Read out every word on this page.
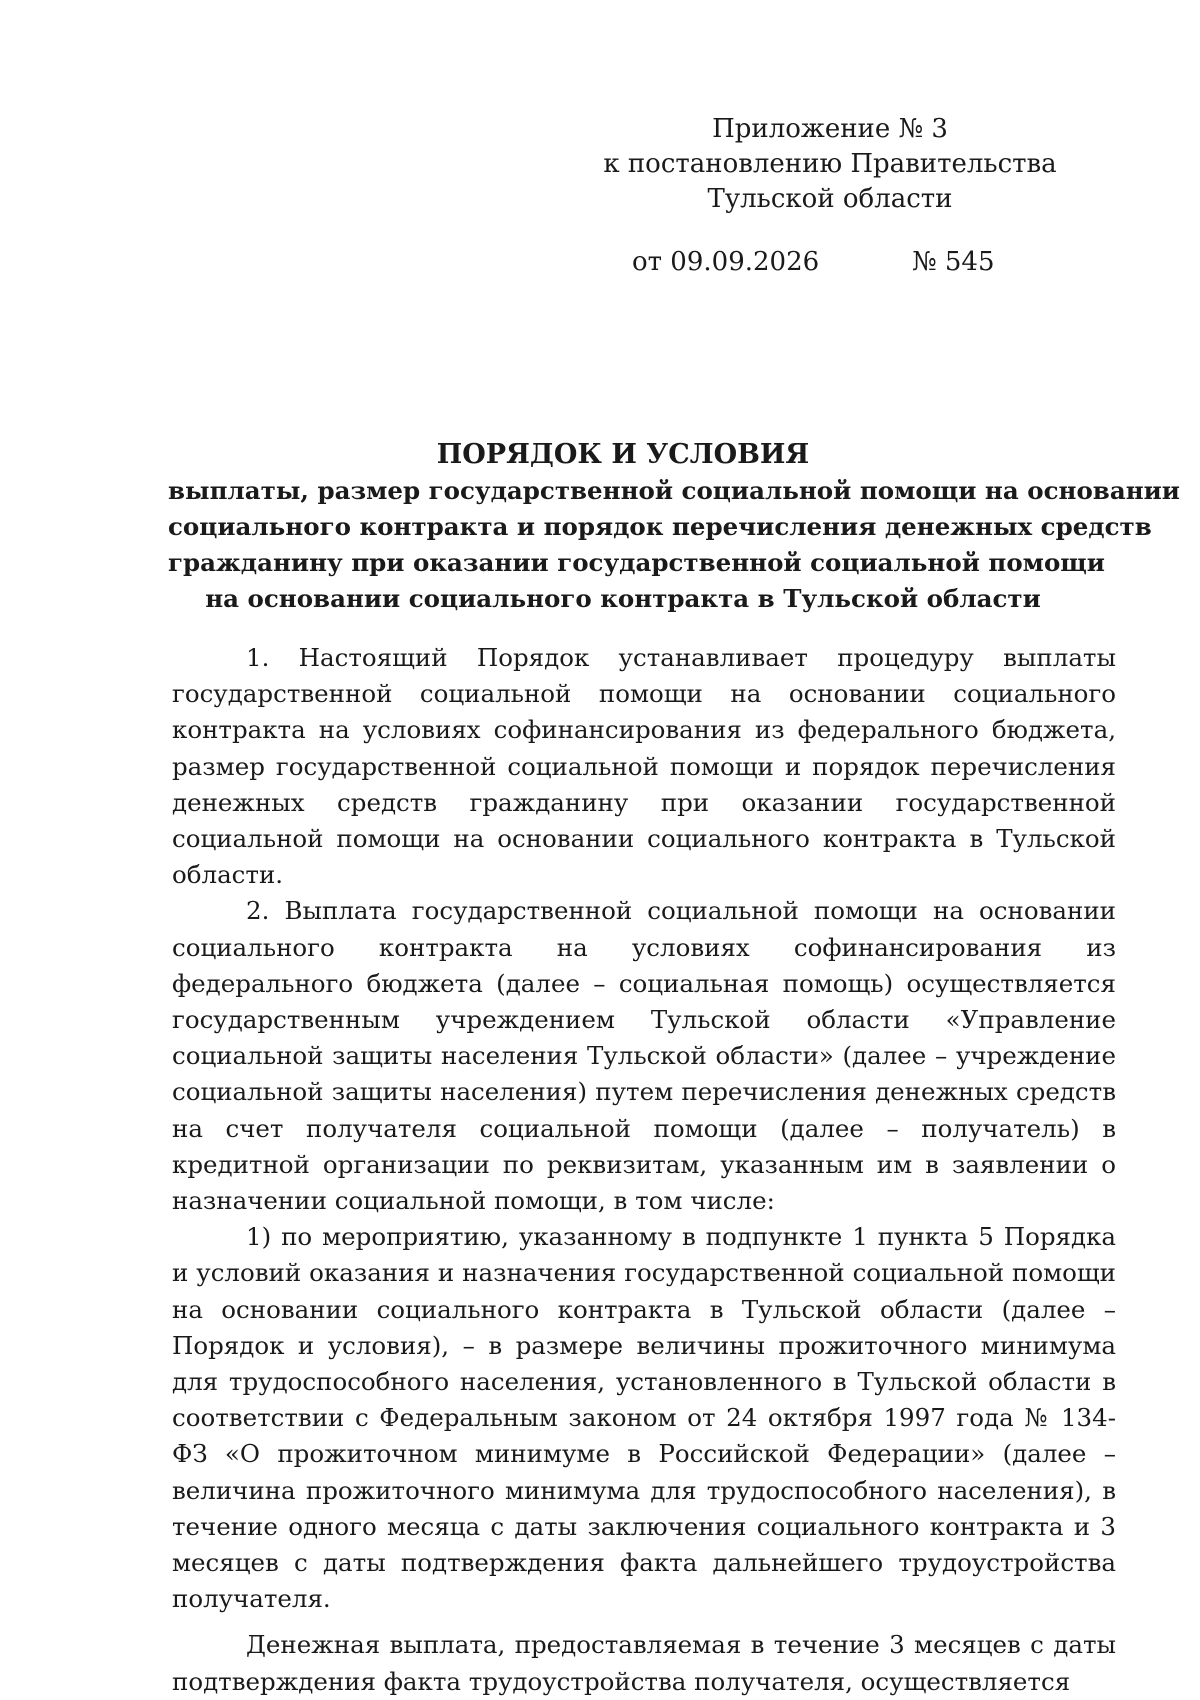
Приложение № 3
к постановлению Правительства
Тульской области
от 09.09.2026	№ 545
ПОРЯДОК И УСЛОВИЯ
выплаты, размер государственной социальной помощи на основании
социального контракта и порядок перечисления денежных средств
гражданину при оказании государственной социальной помощи
на основании социального контракта в Тульской области

1. Настоящий Порядок устанавливает процедуру выплаты государственной социальной помощи на основании социального контракта на условиях софинансирования из федерального бюджета, размер государственной социальной помощи и порядок перечисления денежных средств гражданину при оказании государственной социальной помощи на основании социального контракта в Тульской области.

2. Выплата государственной социальной помощи на основании социального контракта на условиях софинансирования из федерального бюджета (далее – социальная помощь) осуществляется государственным учреждением Тульской области «Управление социальной защиты населения Тульской области» (далее – учреждение социальной защиты населения) путем перечисления денежных средств на счет получателя социальной помощи (далее – получатель) в кредитной организации по реквизитам, указанным им в заявлении о назначении социальной помощи, в том числе:

1) по мероприятию, указанному в подпункте 1 пункта 5 Порядка и условий оказания и назначения государственной социальной помощи на основании социального контракта в Тульской области (далее – Порядок и условия), – в размере величины прожиточного минимума для трудоспособного населения, установленного в Тульской области в соответствии с Федеральным законом от 24 октября 1997 года № 134-ФЗ «О прожиточном минимуме в Российской Федерации» (далее – величина прожиточного минимума для трудоспособного населения), в течение одного месяца с даты заключения социального контракта и 3 месяцев с даты подтверждения факта дальнейшего трудоустройства получателя.

Денежная выплата, предоставляемая в течение 3 месяцев с даты подтверждения факта трудоустройства получателя, осуществляется
